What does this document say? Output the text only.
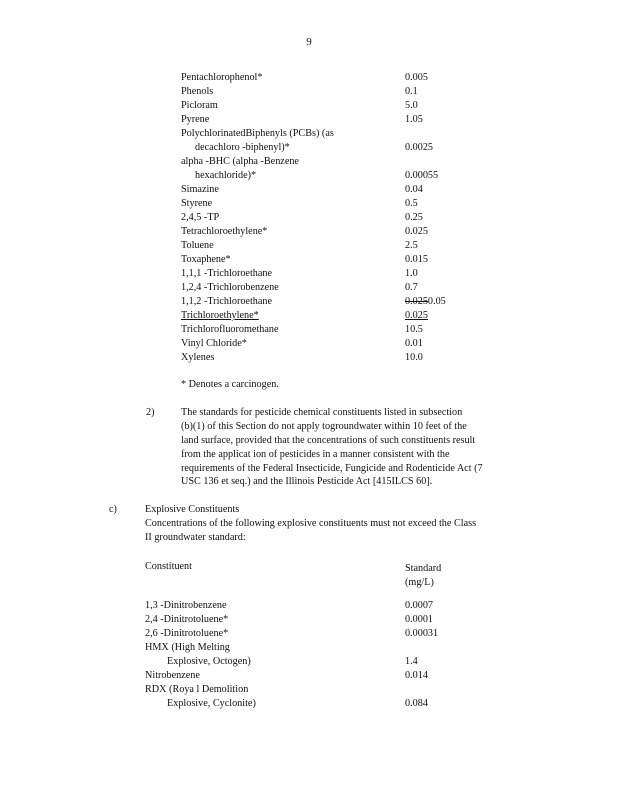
9
Pentachlorophenol*	0.005
Phenols	0.1
Picloram	5.0
Pyrene	1.05
PolychlorinatedBiphenyls (PCBs) (as
decachloro -biphenyl)*	0.0025
alpha -BHC (alpha -Benzene
hexachloride)*	0.00055
Simazine	0.04
Styrene	0.5
2,4,5 -TP	0.25
Tetrachloroethylene*	0.025
Toluene	2.5
Toxaphene*	0.015
1,1,1 -Trichloroethane	1.0
1,2,4 -Trichlorobenzene	0.7
1,1,2 -Trichloroethane	0.0250.05
Trichloroethylene*	0.025
Trichlorofluoromethane	10.5
Vinyl Chloride*	0.01
Xylenes	10.0
* Denotes a carcinogen.
2)	The standards for pesticide chemical constituents listed in subsection
(b)(1) of this Section do not apply togroundwater within 10 feet of the
land surface, provided that the concentrations of such constituents result
from the applicat ion of pesticides in a manner consistent with the
requirements of the Federal Insecticide, Fungicide and Rodenticide Act (7
USC 136 et seq.) and the Illinois Pesticide Act [415ILCS 60].
c)	Explosive Constituents
Concentrations of the following explosive constituents must not exceed the Class
II groundwater standard:
Constituent	Standard
(mg/L)
1,3 -Dinitrobenzene	0.0007
2,4 -Dinitrotoluene*	0.0001
2,6 -Dinitrotoluene*	0.00031
HMX (High Melting
Explosive, Octogen)	1.4
Nitrobenzene	0.014
RDX (Roya l Demolition
Explosive, Cyclonite)	0.084
